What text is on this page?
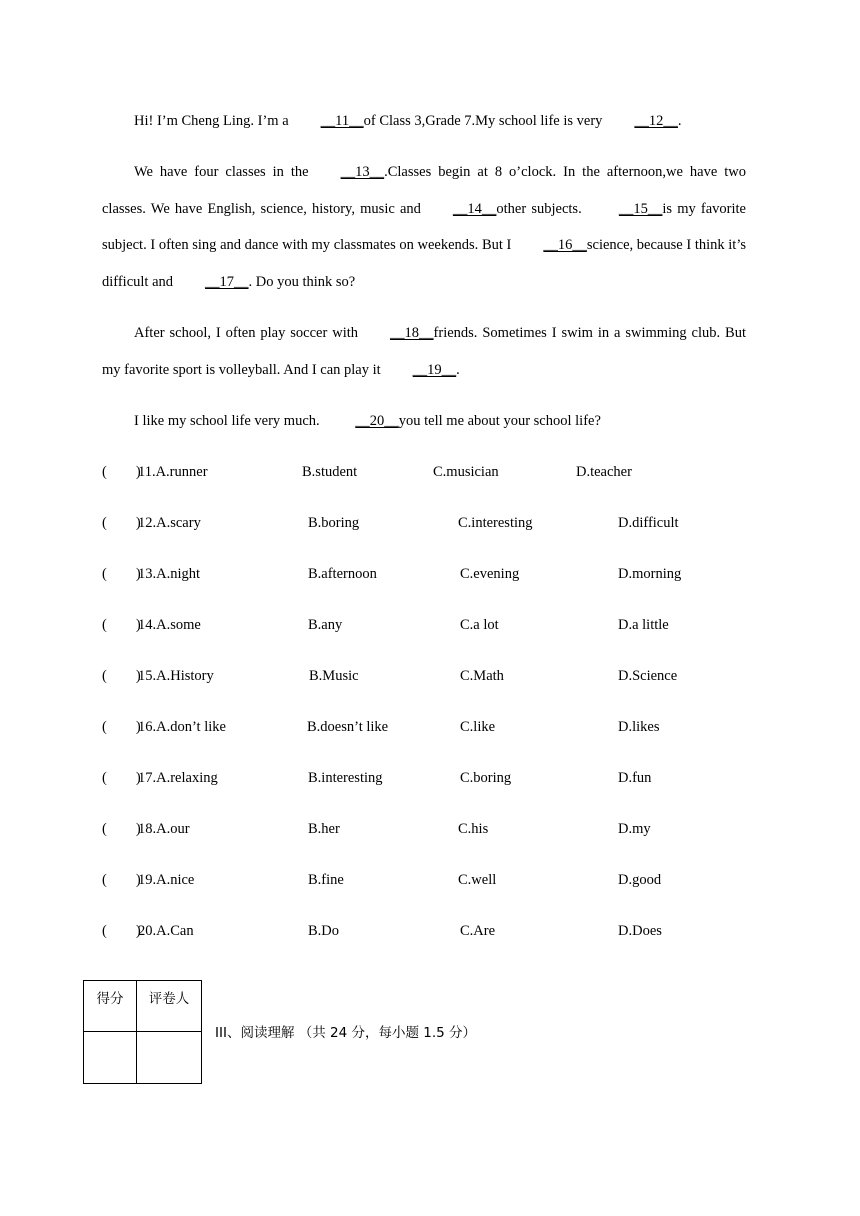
Hi! I’m Cheng Ling. I’m a __11__of Class 3,Grade 7.My school life is very __12__.

We have four classes in the __13__.Classes begin at 8 o’clock. In the afternoon,we have two classes. We have English, science, history, music and __14__other subjects.	__15__is my favorite subject. I often sing and dance with my classmates on weekends. But I __16__science, because I think it’s difficult and __17__. Do you think so?

After school, I often play soccer with __18__friends. Sometimes I swim in a swimming club. But my favorite sport is volleyball. And I can play it __19__.

I like my school life very much. __20__you tell me about your school life?

(　　)
11.A.runner	B.student	C.musician	D.teacher
(　　)
12.A.scary	B.boring	C.interesting	D.difficult
(　　)
13.A.night	B.afternoon	C.evening	D.morning
(　　)
14.A.some	B.any	C.a lot	D.a little
(　　)
15.A.History	B.Music	C.Math	D.Science
(　　)
16.A.don’t like	B.doesn’t like	C.like	D.likes
(　　)
17.A.relaxing	B.interesting	C.boring	D.fun
(　　)
18.A.our	B.her	C.his	D.my
(　　)
19.A.nice	B.fine	C.well	D.good
(　　)
20.A.Can	B.Do	C.Are	D.Does
得分	评卷人

III、阅读理解 （共 24 分，每小题 1.5 分）
